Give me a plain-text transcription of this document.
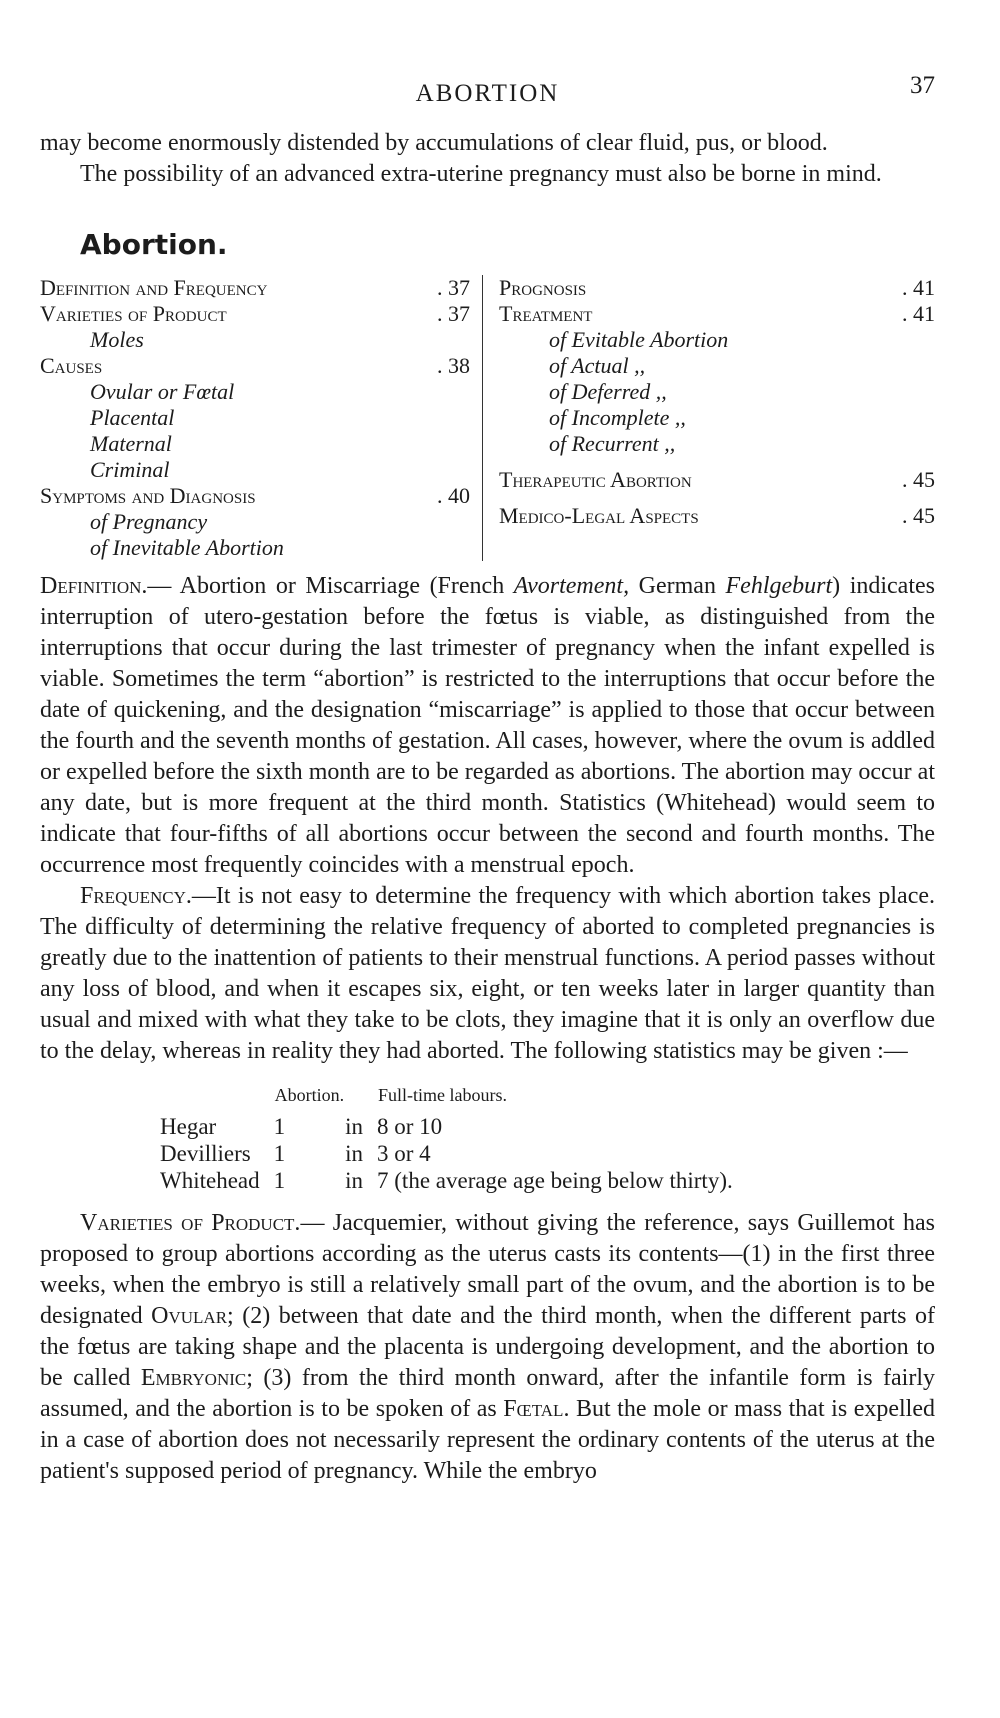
ABORTION	37

may become enormously distended by accumulations of clear fluid, pus, or blood.

The possibility of an advanced extra-uterine pregnancy must also be borne in mind.

Abortion.
Definition and Frequency	. 37
Varieties of Product	. 37
Moles
Causes	. 38
Ovular or Fœtal
Placental
Maternal
Criminal
Symptoms and Diagnosis	. 40
of Pregnancy
of Inevitable Abortion
Prognosis	. 41
Treatment	. 41
of Evitable Abortion
of Actual ,,
of Deferred ,,
of Incomplete ,,
of Recurrent ,,
Therapeutic Abortion	. 45
Medico-Legal Aspects	. 45

Definition.— Abortion or Miscarriage (French Avortement, German Fehlgeburt) indicates interruption of utero-gestation before the fœtus is viable, as distinguished from the interruptions that occur during the last trimester of pregnancy when the infant expelled is viable. Sometimes the term “abortion” is restricted to the interruptions that occur before the date of quickening, and the designation “miscarriage” is applied to those that occur between the fourth and the seventh months of gestation. All cases, however, where the ovum is addled or expelled before the sixth month are to be regarded as abortions. The abortion may occur at any date, but is more frequent at the third month. Statistics (Whitehead) would seem to indicate that four-fifths of all abortions occur between the second and fourth months. The occurrence most frequently coincides with a menstrual epoch.

Frequency.—It is not easy to determine the frequency with which abortion takes place. The difficulty of determining the relative frequency of aborted to completed pregnancies is greatly due to the inattention of patients to their menstrual functions. A period passes without any loss of blood, and when it escapes six, eight, or ten weeks later in larger quantity than usual and mixed with what they take to be clots, they imagine that it is only an overflow due to the delay, whereas in reality they had aborted. The following statistics may be given :—

	Abortion.		Full-time labours.
Hegar	1	in	8 or 10
Devilliers	1	in	3 or 4
Whitehead	1	in	7 (the average age being below thirty).

Varieties of Product.— Jacquemier, without giving the reference, says Guillemot has proposed to group abortions according as the uterus casts its contents—(1) in the first three weeks, when the embryo is still a relatively small part of the ovum, and the abortion is to be designated Ovular; (2) between that date and the third month, when the different parts of the fœtus are taking shape and the placenta is undergoing development, and the abortion to be called Embryonic; (3) from the third month onward, after the infantile form is fairly assumed, and the abortion is to be spoken of as Fœtal. But the mole or mass that is expelled in a case of abortion does not necessarily represent the ordinary contents of the uterus at the patient's supposed period of pregnancy. While the embryo
